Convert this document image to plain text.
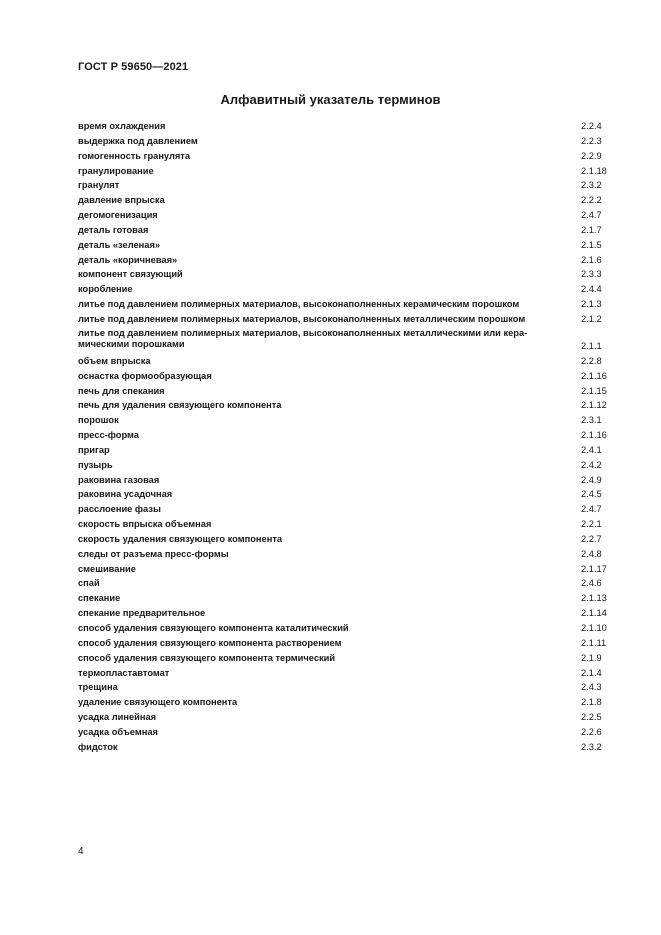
ГОСТ Р 59650—2021
Алфавитный указатель терминов
время охлаждения	2.2.4
выдержка под давлением	2.2.3
гомогенность гранулята	2.2.9
гранулирование	2.1.18
гранулят	2.3.2
давление впрыска	2.2.2
дегомогенизация	2.4.7
деталь готовая	2.1.7
деталь «зеленая»	2.1.5
деталь «коричневая»	2.1.6
компонент связующий	2.3.3
коробление	2.4.4
литье под давлением полимерных материалов, высоконаполненных керамическим порошком	2.1.3
литье под давлением полимерных материалов, высоконаполненных металлическим порошком	2.1.2
литье под давлением полимерных материалов, высоконаполненных металлическими или кера-
мическими порошками	2.1.1
объем впрыска	2.2.8
оснастка формообразующая	2.1.16
печь для спекания	2.1.15
печь для удаления связующего компонента	2.1.12
порошок	2.3.1
пресс-форма	2.1.16
пригар	2.4.1
пузырь	2.4.2
раковина газовая	2.4.9
раковина усадочная	2.4.5
расслоение фазы	2.4.7
скорость впрыска объемная	2.2.1
скорость удаления связующего компонента	2.2.7
следы от разъема пресс-формы	2.4.8
смешивание	2.1.17
спай	2.4.6
спекание	2.1.13
спекание предварительное	2.1.14
способ удаления связующего компонента каталитический	2.1.10
способ удаления связующего компонента растворением	2.1.11
способ удаления связующего компонента термический	2.1.9
термопластавтомат	2.1.4
трещина	2.4.3
удаление связующего компонента	2.1.8
усадка линейная	2.2.5
усадка объемная	2.2.6
фидсток	2.3.2
4
